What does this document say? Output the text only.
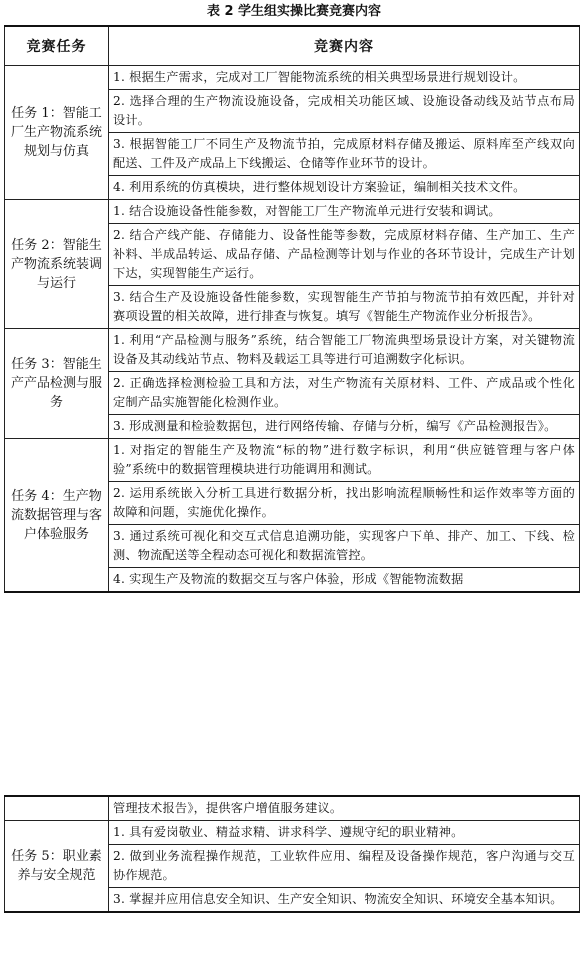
表 2 学生组实操比赛竞赛内容
竞赛任务	竞赛内容
任务 1：智能工厂生产物流系统规划与仿真	1. 根据生产需求，完成对工厂智能物流系统的相关典型场景进行规划设计。
	2. 选择合理的生产物流设施设备，完成相关功能区域、设施设备动线及站节点布局设计。
	3. 根据智能工厂不同生产及物流节拍，完成原材料存储及搬运、原料库至产线双向配送、工件及产成品上下线搬运、仓储等作业环节的设计。
	4. 利用系统的仿真模块，进行整体规划设计方案验证，编制相关技术文件。
任务 2：智能生产物流系统装调与运行	1. 结合设施设备性能参数，对智能工厂生产物流单元进行安装和调试。
	2. 结合产线产能、存储能力、设备性能等参数，完成原材料存储、生产加工、生产补料、半成品转运、成品存储、产品检测等计划与作业的各环节设计，完成生产计划下达，实现智能生产运行。
	3. 结合生产及设施设备性能参数，实现智能生产节拍与物流节拍有效匹配，并针对赛项设置的相关故障，进行排查与恢复。填写《智能生产物流作业分析报告》。
任务 3：智能生产产品检测与服务	1. 利用“产品检测与服务”系统，结合智能工厂物流典型场景设计方案，对关键物流设备及其动线站节点、物料及载运工具等进行可追溯数字化标识。
	2. 正确选择检测检验工具和方法，对生产物流有关原材料、工件、产成品或个性化定制产品实施智能化检测作业。
	3. 形成测量和检验数据包，进行网络传输、存储与分析，编写《产品检测报告》。
任务 4：生产物流数据管理与客户体验服务	1. 对指定的智能生产及物流“标的物”进行数字标识，利用“供应链管理与客户体验”系统中的数据管理模块进行功能调用和测试。
	2. 运用系统嵌入分析工具进行数据分析，找出影响流程顺畅性和运作效率等方面的故障和问题，实施优化操作。
	3. 通过系统可视化和交互式信息追溯功能，实现客户下单、排产、加工、下线、检测、物流配送等全程动态可视化和数据流管控。
	4. 实现生产及物流的数据交互与客户体验，形成《智能物流数据
	管理技术报告》，提供客户增值服务建议。
任务 5：职业素养与安全规范	1. 具有爱岗敬业、精益求精、讲求科学、遵规守纪的职业精神。
	2. 做到业务流程操作规范，工业软件应用、编程及设备操作规范，客户沟通与交互协作规范。
	3. 掌握并应用信息安全知识、生产安全知识、物流安全知识、环境安全基本知识。
